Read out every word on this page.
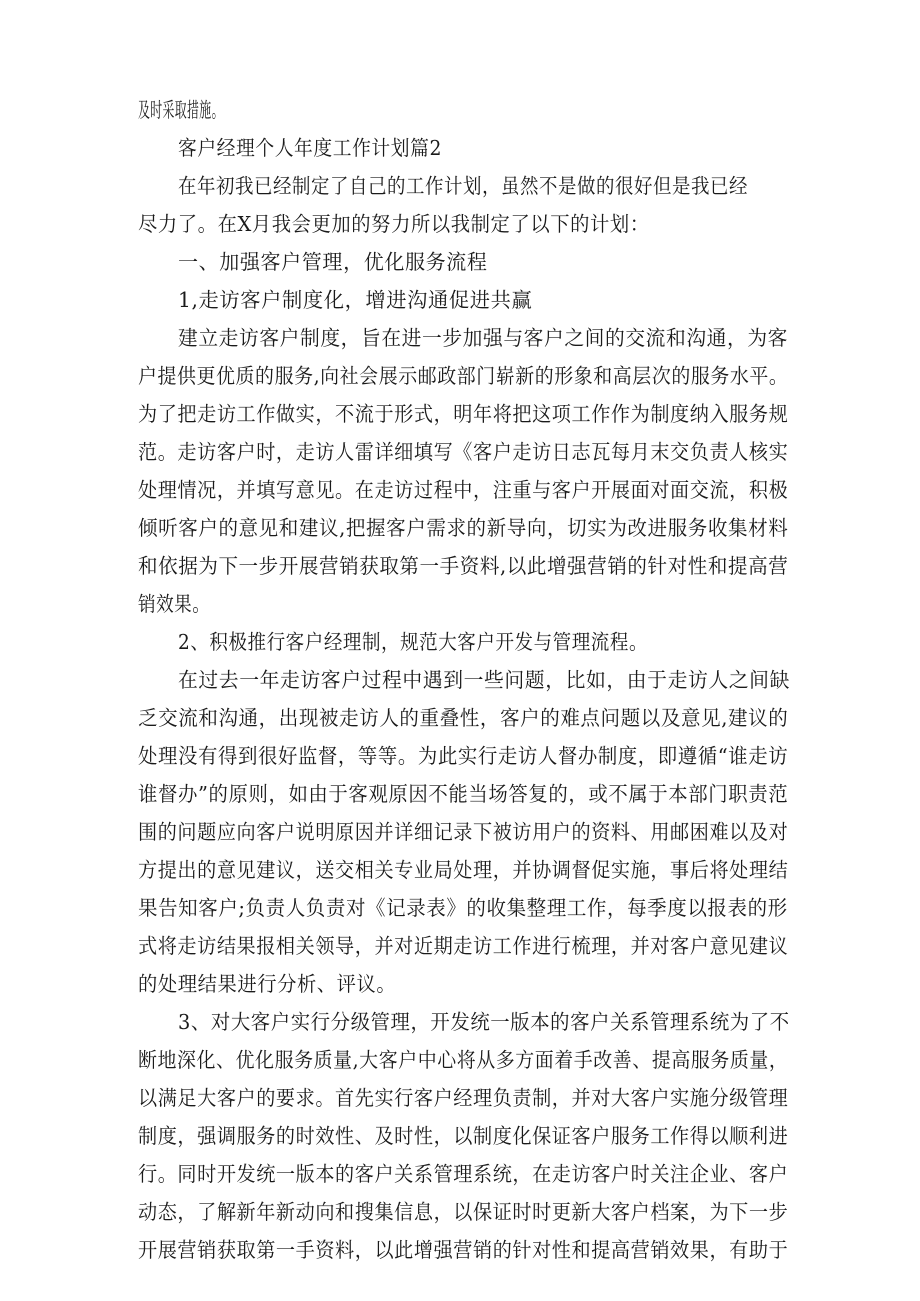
及时采取措施。
客户经理个人年度工作计划篇2
在年初我已经制定了自己的工作计划，虽然不是做的很好但是我已经
尽力了。在X月我会更加的努力所以我制定了以下的计划：
一、加强客户管理，优化服务流程
1,走访客户制度化，增进沟通促进共赢
建立走访客户制度，旨在进一步加强与客户之间的交流和沟通，为客
户提供更优质的服务,向社会展示邮政部门崭新的形象和高层次的服务水平。
为了把走访工作做实，不流于形式，明年将把这项工作作为制度纳入服务规
范。走访客户时，走访人雷详细填写《客户走访日志瓦每月末交负责人核实
处理情况，并填写意见。在走访过程中，注重与客户开展面对面交流，积极
倾听客户的意见和建议,把握客户需求的新导向，切实为改进服务收集材料
和依据为下一步开展营销获取第一手资料,以此增强营销的针对性和提高营
销效果。
2、积极推行客户经理制，规范大客户开发与管理流程。
在过去一年走访客户过程中遇到一些问题，比如，由于走访人之间缺
乏交流和沟通，出现被走访人的重叠性，客户的难点问题以及意见,建议的
处理没有得到很好监督，等等。为此实行走访人督办制度，即遵循“谁走访
谁督办”的原则，如由于客观原因不能当场答复的，或不属于本部门职责范
围的问题应向客户说明原因并详细记录下被访用户的资料、用邮困难以及对
方提出的意见建议，送交相关专业局处理，并协调督促实施，事后将处理结
果告知客户;负责人负责对《记录表》的收集整理工作，每季度以报表的形
式将走访结果报相关领导，并对近期走访工作进行梳理，并对客户意见建议
的处理结果进行分析、评议。
3、对大客户实行分级管理，开发统一版本的客户关系管理系统为了不
断地深化、优化服务质量,大客户中心将从多方面着手改善、提高服务质量，
以满足大客户的要求。首先实行客户经理负责制，并对大客户实施分级管理
制度，强调服务的时效性、及时性，以制度化保证客户服务工作得以顺利进
行。同时开发统一版本的客户关系管理系统，在走访客户时关注企业、客户
动态，了解新年新动向和搜集信息，以保证时时更新大客户档案，为下一步
开展营销获取第一手资料，以此增强营销的针对性和提高营销效果，有助于
